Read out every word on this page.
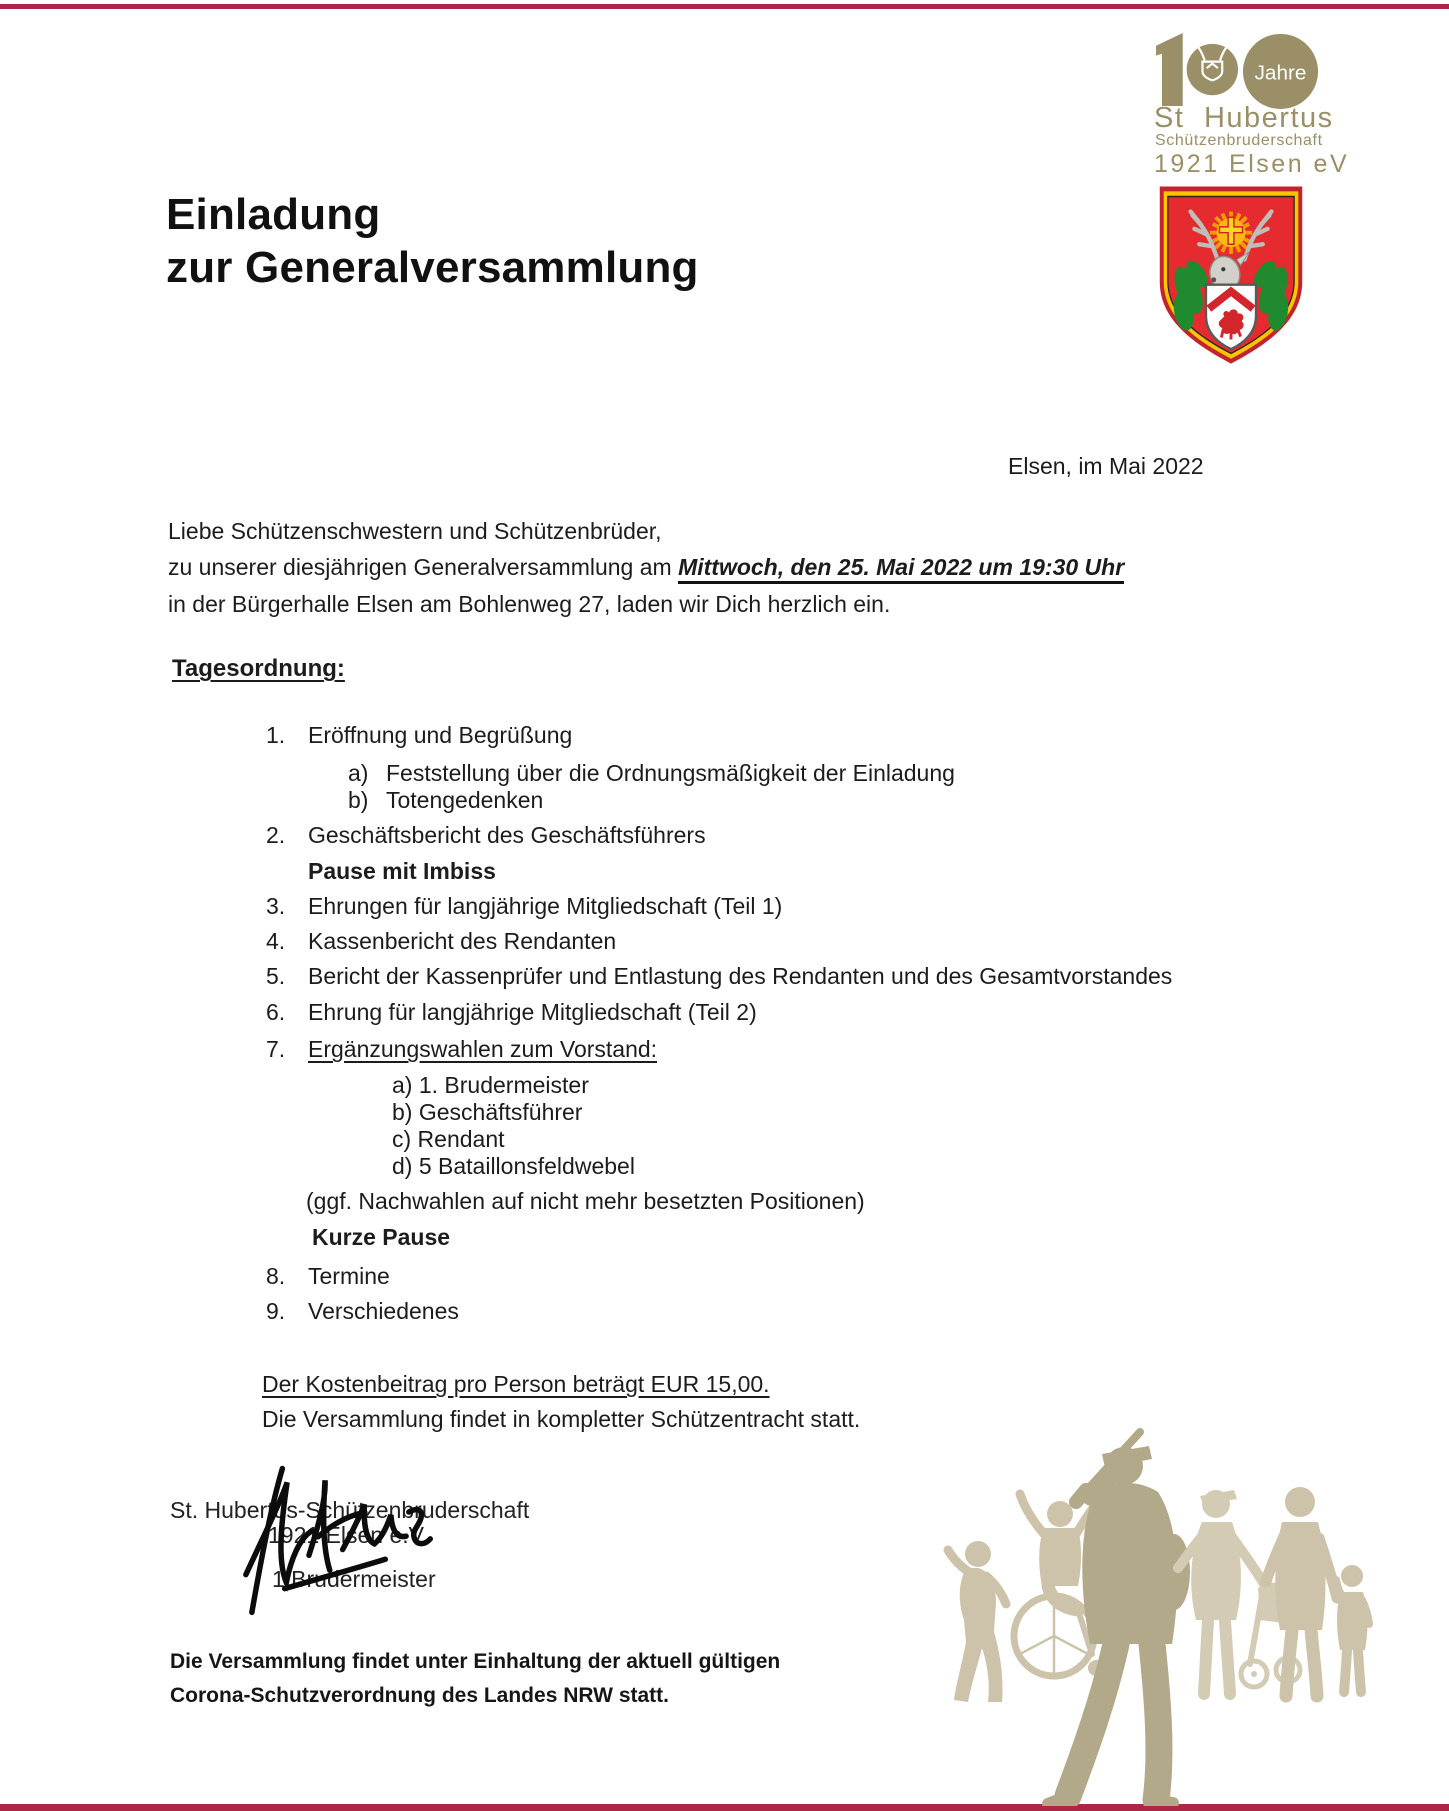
Jahre
St Hubertus
Schützenbruderschaft
1921 Elsen eV
Einladung
zur Generalversammlung
Elsen, im Mai 2022
Liebe Schützenschwestern und Schützenbrüder,
zu unserer diesjährigen Generalversammlung am Mittwoch, den 25. Mai 2022 um 19:30 Uhr
in der Bürgerhalle Elsen am Bohlenweg 27, laden wir Dich herzlich ein.
Tagesordnung:
1. Eröffnung und Begrüßung
a) Feststellung über die Ordnungsmäßigkeit der Einladung
b) Totengedenken
2. Geschäftsbericht des Geschäftsführers
Pause mit Imbiss
3. Ehrungen für langjährige Mitgliedschaft (Teil 1)
4. Kassenbericht des Rendanten
5. Bericht der Kassenprüfer und Entlastung des Rendanten und des Gesamtvorstandes
6. Ehrung für langjährige Mitgliedschaft (Teil 2)
7. Ergänzungswahlen zum Vorstand:
a) 1. Brudermeister
b) Geschäftsführer
c) Rendant
d) 5 Bataillonsfeldwebel
(ggf. Nachwahlen auf nicht mehr besetzten Positionen)
Kurze Pause
8. Termine
9. Verschiedenes
Der Kostenbeitrag pro Person beträgt EUR 15,00.
Die Versammlung findet in kompletter Schützentracht statt.
St. Hubertus-Schützenbruderschaft
1921 Elsen e.V.
1.Brudermeister
Die Versammlung findet unter Einhaltung der aktuell gültigen
Corona-Schutzverordnung des Landes NRW statt.
